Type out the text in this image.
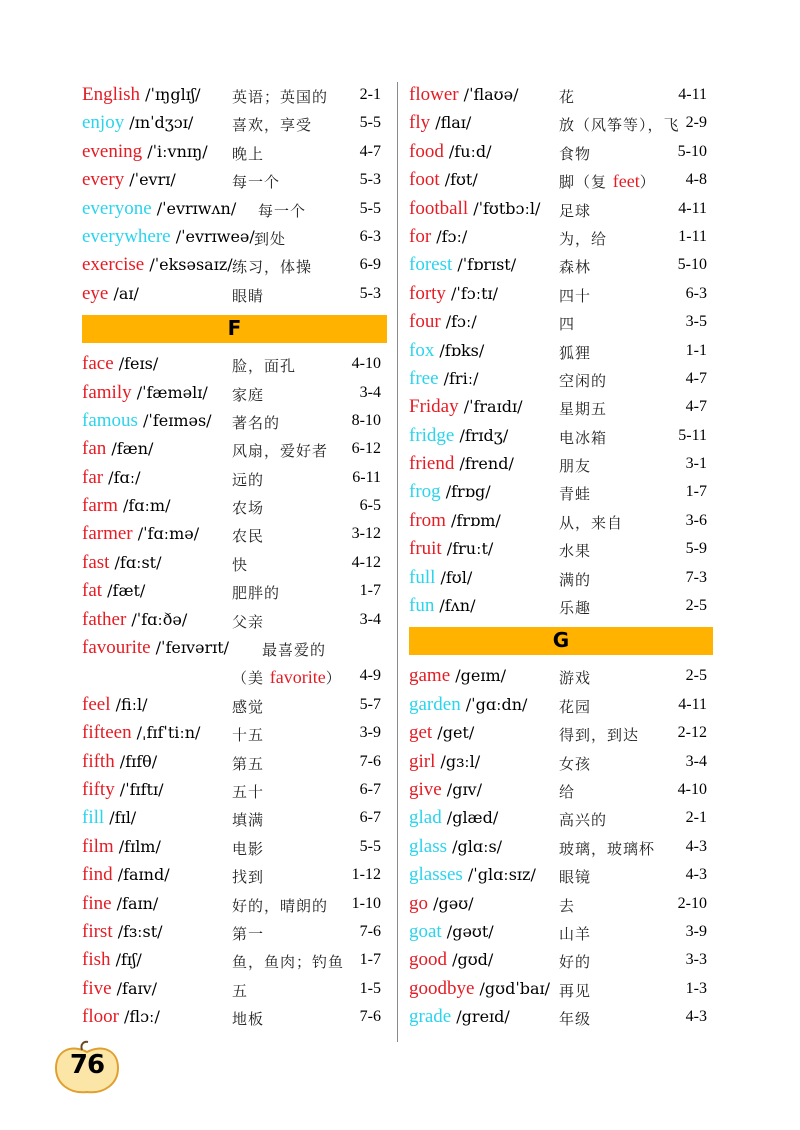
English /ˈɪŋglɪʃ/ 英语；英国的 2-1
enjoy /ɪnˈdʒɔɪ/	喜欢，享受	5-5
evening /ˈiːvnɪŋ/ 晚上	4-7
every /ˈevrɪ/	每一个	5-3
everyone /ˈevrɪwʌn/ 每一个	5-5
everywhere /ˈevrɪweə/ 到处	6-3
exercise /ˈeksəsaɪz/ 练习，体操	6-9
eye /aɪ/	眼睛	5-3
F
face /feɪs/	脸，面孔	4-10
family /ˈfæməlɪ/ 家庭	3-4
famous /ˈfeɪməs/ 著名的	8-10
fan /fæn/	风扇，爱好者 6-12
far /fɑː/	远的	6-11
farm /fɑːm/	农场	6-5
farmer /ˈfɑːmə/ 农民	3-12
fast /fɑːst/	快	4-12
fat /fæt/	肥胖的	1-7
father /ˈfɑːðə/	父亲	3-4
favourite /ˈfeɪvərɪt/ 最喜爱的
（美 favorite） 4-9
feel /fiːl/	感觉	5-7
fifteen /ˌfɪfˈtiːn/ 十五	3-9
fifth /fɪfθ/	第五	7-6
fifty /ˈfɪftɪ/	五十	6-7
fill /fɪl/	填满	6-7
film /fɪlm/	电影	5-5
find /faɪnd/	找到	1-12
fine /faɪn/	好的，晴朗的 1-10
first /fɜːst/	第一	7-6
fish /fɪʃ/	鱼，鱼肉；钓鱼 1-7
five /faɪv/	五	1-5
floor /flɔː/	地板	7-6
flower /ˈflaʊə/	花	4-11
fly /flaɪ/	放（风筝等），飞 2-9
food /fuːd/	食物	5-10
foot /fʊt/	脚（复 feet） 4-8
football /ˈfʊtbɔːl/ 足球	4-11
for /fɔː/	为，给	1-11
forest /ˈfɒrɪst/	森林	5-10
forty /ˈfɔːtɪ/	四十	6-3
four /fɔː/	四	3-5
fox /fɒks/	狐狸	1-1
free /friː/	空闲的	4-7
Friday /ˈfraɪdɪ/ 星期五	4-7
fridge /frɪdʒ/	电冰箱	5-11
friend /frend/	朋友	3-1
frog /frɒg/	青蛙	1-7
from /frɒm/	从，来自	3-6
fruit /fruːt/	水果	5-9
full /fʊl/	满的	7-3
fun /fʌn/	乐趣	2-5
G
game /geɪm/	游戏	2-5
garden /ˈgɑːdn/ 花园	4-11
get /get/	得到，到达 2-12
girl /gɜːl/	女孩	3-4
give /gɪv/	给	4-10
glad /glæd/	高兴的	2-1
glass /glɑːs/	玻璃，玻璃杯 4-3
glasses /ˈglɑːsɪz/ 眼镜	4-3
go /gəʊ/	去	2-10
goat /gəʊt/	山羊	3-9
good /gʊd/	好的	3-3
goodbye /gʊdˈbaɪ/ 再见	1-3
grade /greɪd/	年级	4-3
76
